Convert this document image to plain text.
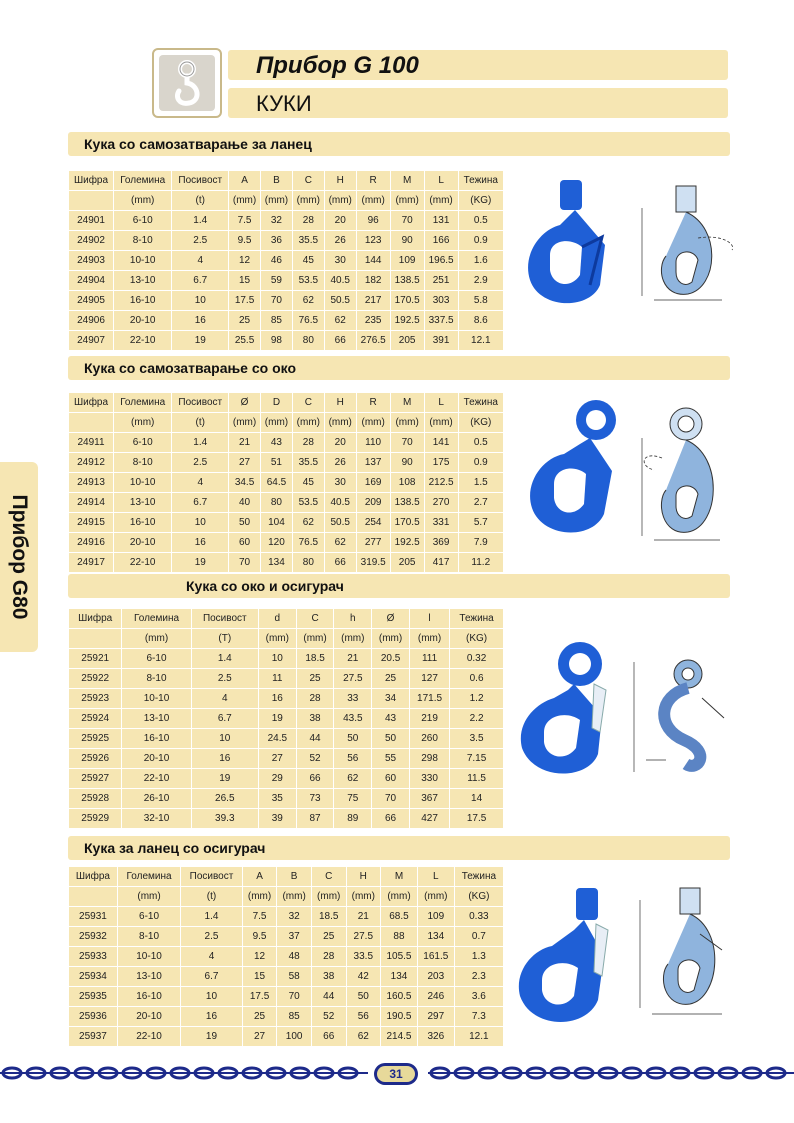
Прибор G 100
КУКИ
Прибор G80
Кука со самозатварање за ланец
Кука со самозатварање со око
Кука со око и осигурач
Кука за ланец со осигурач
Шифра	Големина	Посивост	A	B	C	H	R	M	L	Тежина
	(mm)	(t)	(mm)	(mm)	(mm)	(mm)	(mm)	(mm)	(mm)	(KG)
24901	6-10	1.4	7.5	32	28	20	96	70	131	0.5
24902	8-10	2.5	9.5	36	35.5	26	123	90	166	0.9
24903	10-10	4	12	46	45	30	144	109	196.5	1.6
24904	13-10	6.7	15	59	53.5	40.5	182	138.5	251	2.9
24905	16-10	10	17.5	70	62	50.5	217	170.5	303	5.8
24906	20-10	16	25	85	76.5	62	235	192.5	337.5	8.6
24907	22-10	19	25.5	98	80	66	276.5	205	391	12.1
Шифра	Големина	Посивост	Ø	D	C	H	R	M	L	Тежина
	(mm)	(t)	(mm)	(mm)	(mm)	(mm)	(mm)	(mm)	(mm)	(KG)
24911	6-10	1.4	21	43	28	20	110	70	141	0.5
24912	8-10	2.5	27	51	35.5	26	137	90	175	0.9
24913	10-10	4	34.5	64.5	45	30	169	108	212.5	1.5
24914	13-10	6.7	40	80	53.5	40.5	209	138.5	270	2.7
24915	16-10	10	50	104	62	50.5	254	170.5	331	5.7
24916	20-10	16	60	120	76.5	62	277	192.5	369	7.9
24917	22-10	19	70	134	80	66	319.5	205	417	11.2
Шифра	Големина	Посивост	d	C	h	Ø	l	Тежина
	(mm)	(T)	(mm)	(mm)	(mm)	(mm)	(mm)	(KG)
25921	6-10	1.4	10	18.5	21	20.5	111	0.32
25922	8-10	2.5	11	25	27.5	25	127	0.6
25923	10-10	4	16	28	33	34	171.5	1.2
25924	13-10	6.7	19	38	43.5	43	219	2.2
25925	16-10	10	24.5	44	50	50	260	3.5
25926	20-10	16	27	52	56	55	298	7.15
25927	22-10	19	29	66	62	60	330	11.5
25928	26-10	26.5	35	73	75	70	367	14
25929	32-10	39.3	39	87	89	66	427	17.5
Шифра	Големина	Посивост	A	B	C	H	M	L	Тежина
	(mm)	(t)	(mm)	(mm)	(mm)	(mm)	(mm)	(mm)	(KG)
25931	6-10	1.4	7.5	32	18.5	21	68.5	109	0.33
25932	8-10	2.5	9.5	37	25	27.5	88	134	0.7
25933	10-10	4	12	48	28	33.5	105.5	161.5	1.3
25934	13-10	6.7	15	58	38	42	134	203	2.3
25935	16-10	10	17.5	70	44	50	160.5	246	3.6
25936	20-10	16	25	85	52	56	190.5	297	7.3
25937	22-10	19	27	100	66	62	214.5	326	12.1
31
